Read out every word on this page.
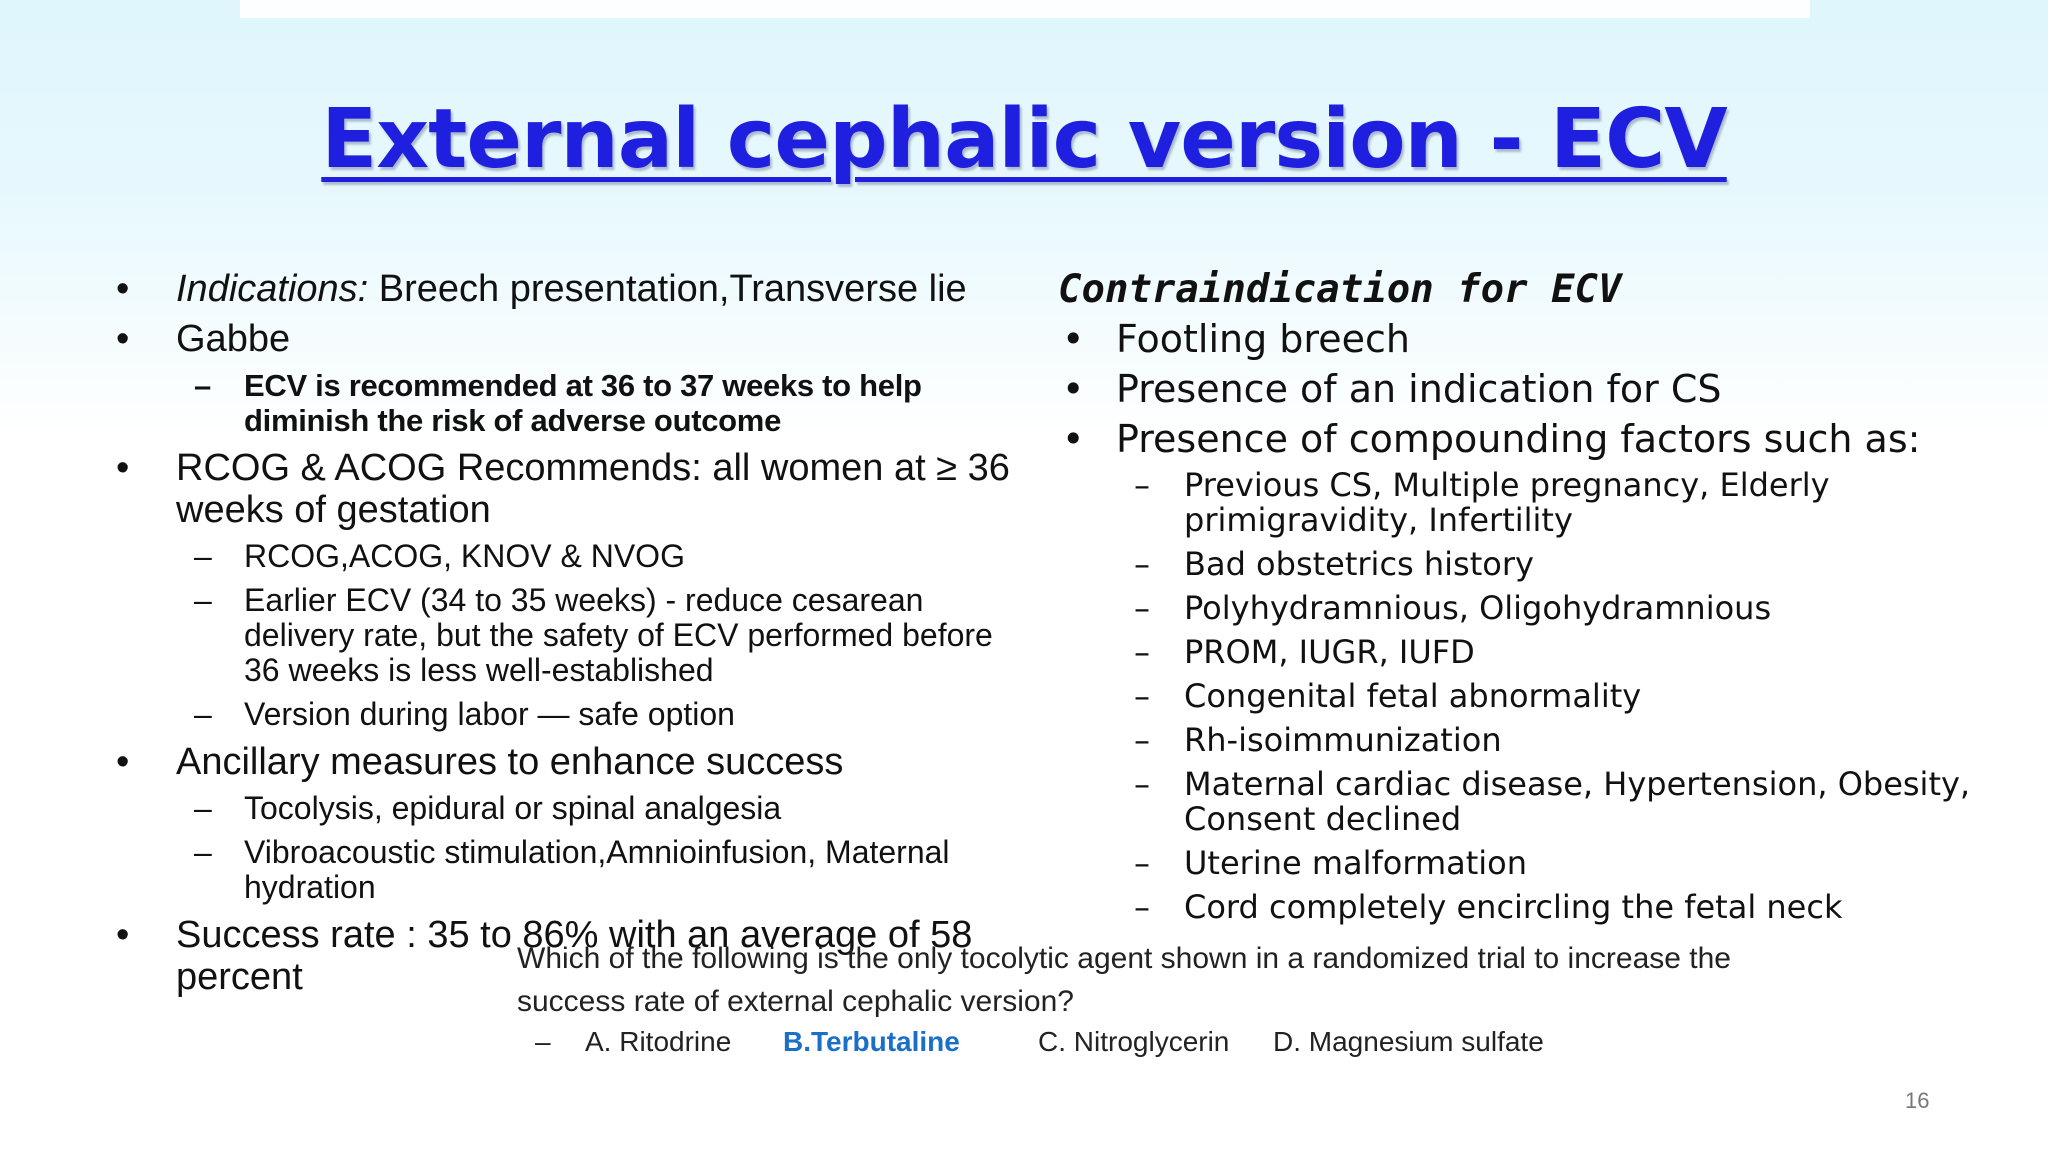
External cephalic version - ECV
• Indications: Breech presentation,Transverse lie
• Gabbe
– ECV is recommended at 36 to 37 weeks to help diminish the risk of adverse outcome
• RCOG & ACOG Recommends: all women at ≥ 36 weeks of gestation
– RCOG,ACOG, KNOV & NVOG
– Earlier ECV (34 to 35 weeks) - reduce cesarean delivery rate, but the safety of ECV performed before 36 weeks is less well-established
– Version during labor — safe option
• Ancillary measures to enhance success
– Tocolysis, epidural or spinal analgesia
– Vibroacoustic stimulation,Amnioinfusion, Maternal hydration
• Success rate : 35 to 86% with an average of 58 percent

Contraindication for ECV

• Footling breech
• Presence of an indication for CS
• Presence of compounding factors such as:
– Previous CS, Multiple pregnancy, Elderly primigravidity, Infertility
– Bad obstetrics history
– Polyhydramnious, Oligohydramnious
– PROM, IUGR, IUFD
– Congenital fetal abnormality
– Rh-isoimmunization
– Maternal cardiac disease, Hypertension, Obesity, Consent declined
– Uterine malformation
– Cord completely encircling the fetal neck
Which of the following is the only tocolytic agent shown in a randomized trial to increase the success rate of external cephalic version?
– A. Ritodrine B.Terbutaline	C. Nitroglycerin D. Magnesium sulfate
16
